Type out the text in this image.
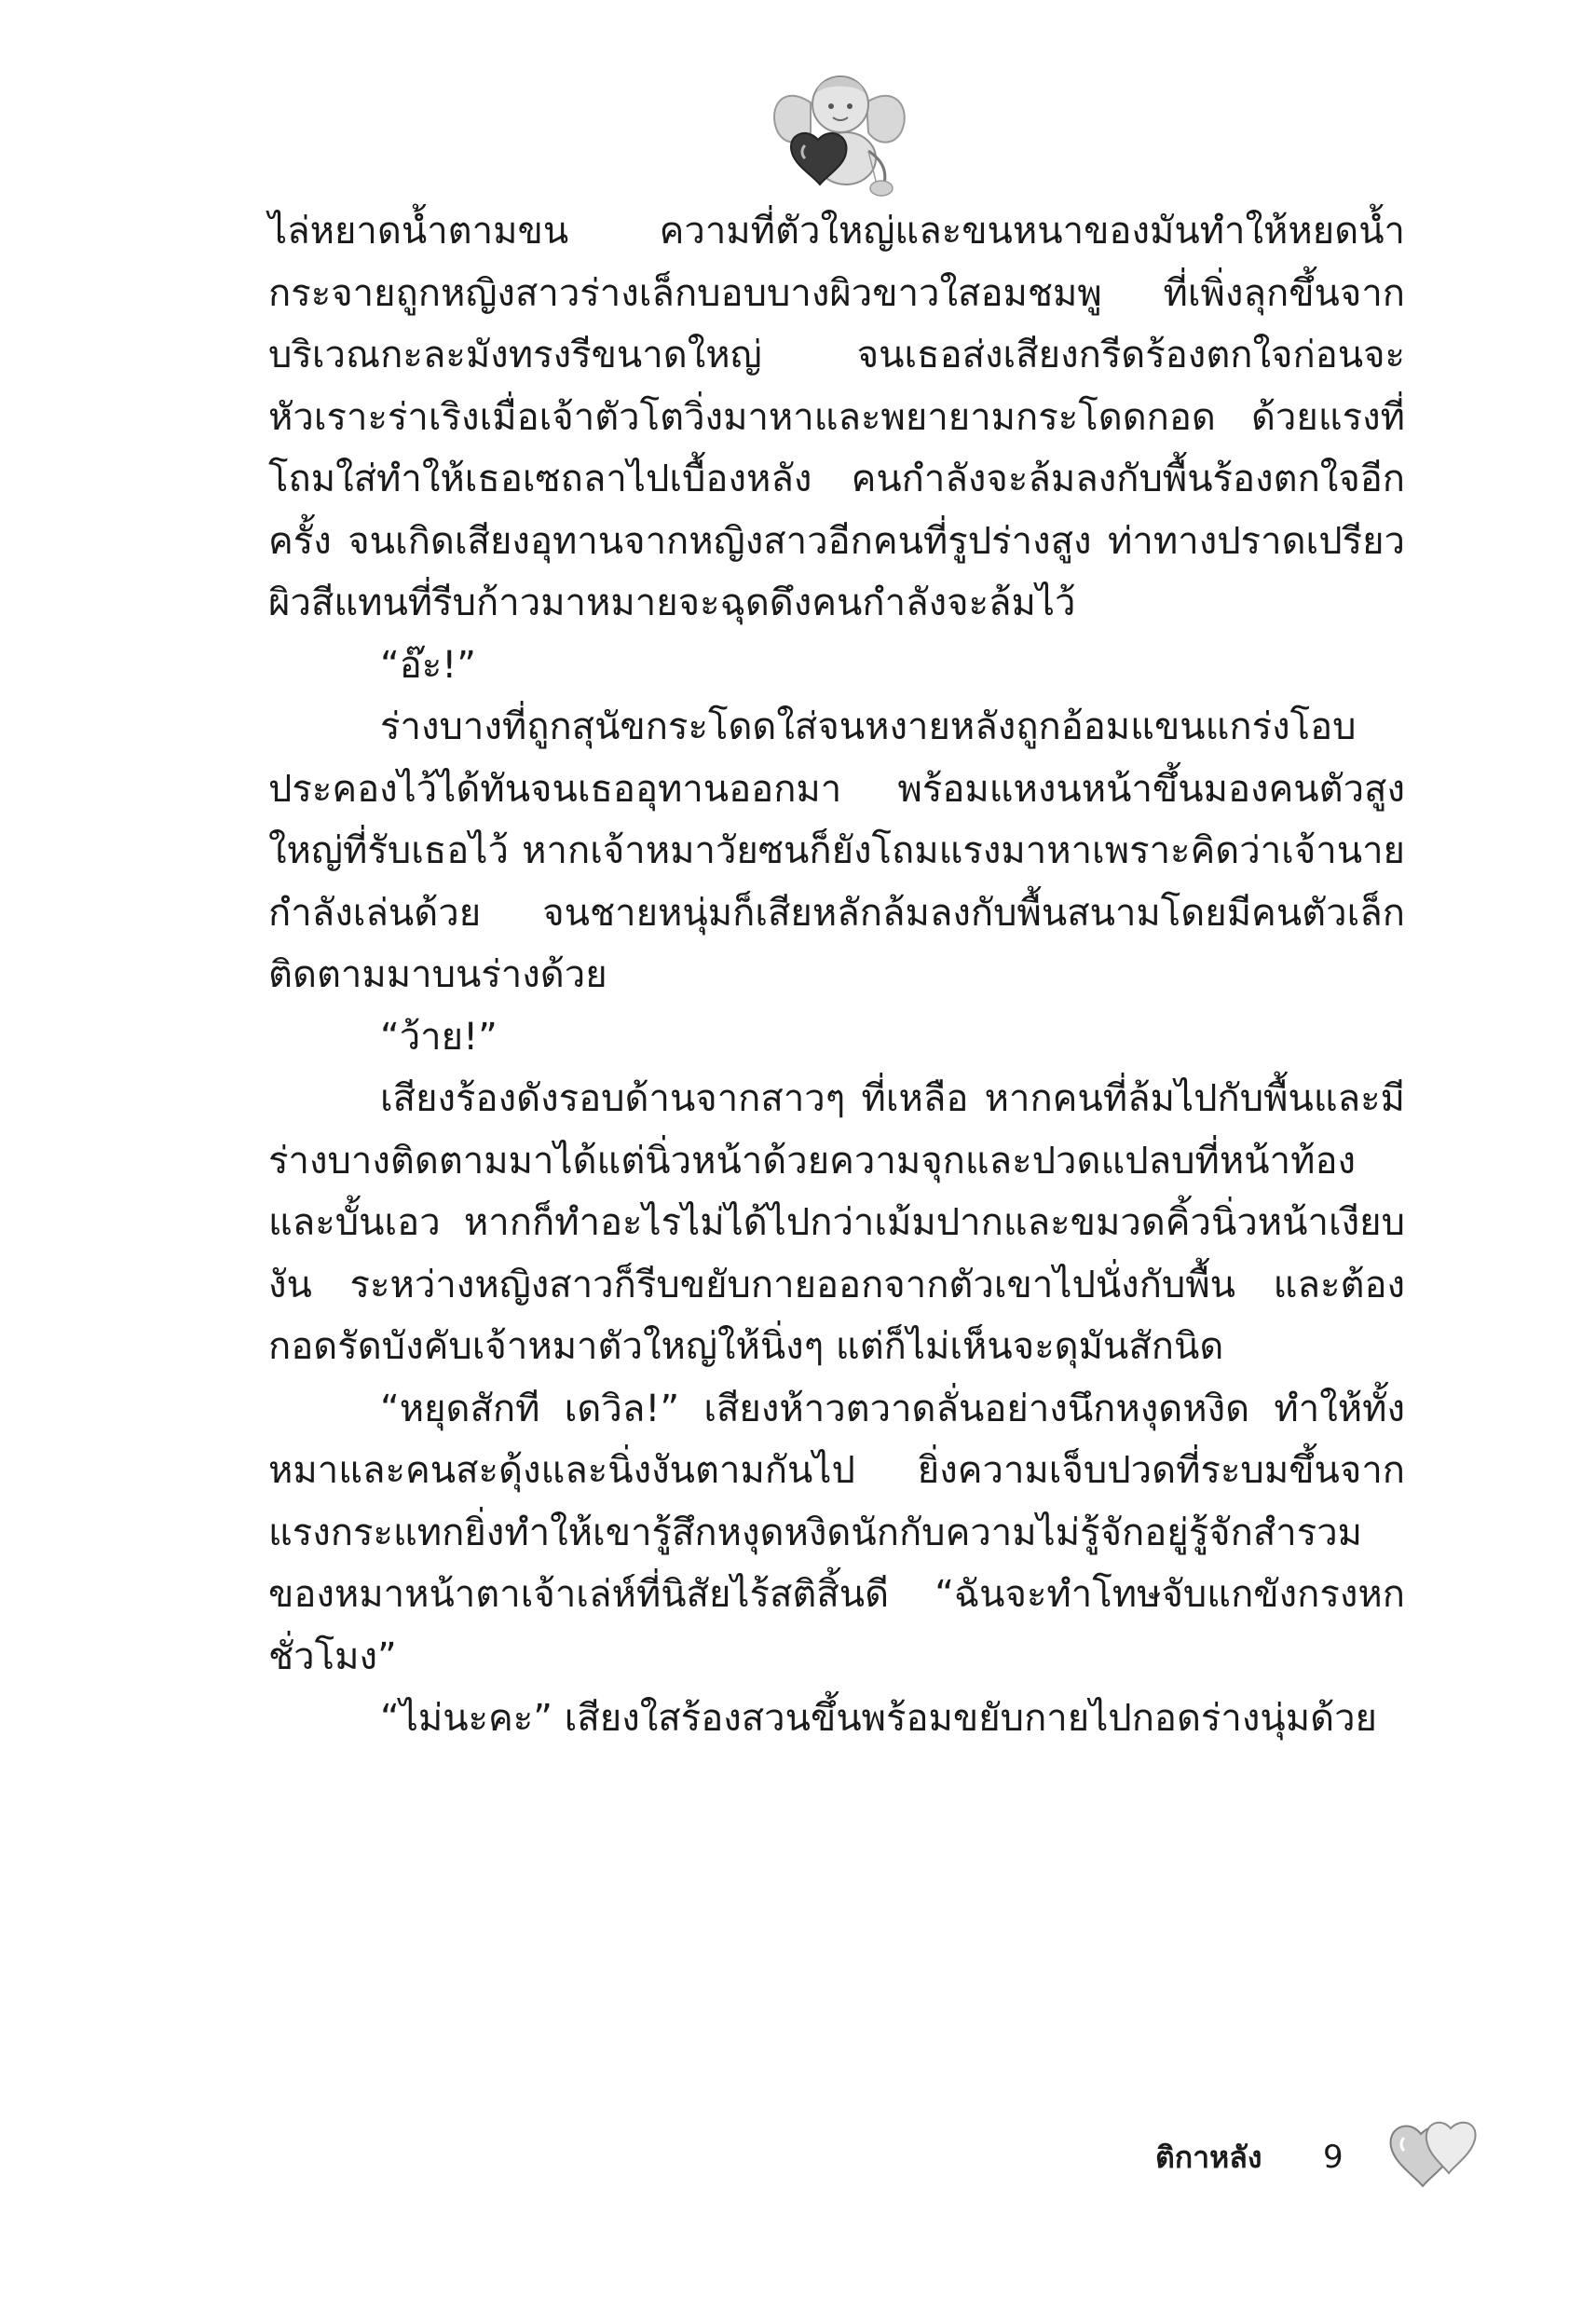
ไล่หยาดน้ำตามขน ความที่ตัวใหญ่และขนหนาของมันทำให้หยดน้ำกระจายถูกหญิงสาวร่างเล็กบอบบางผิวขาวใสอมชมพู ที่เพิ่งลุกขึ้นจากบริเวณกะละมังทรงรีขนาดใหญ่ จนเธอส่งเสียงกรีดร้องตกใจก่อนจะหัวเราะร่าเริงเมื่อเจ้าตัวโตวิ่งมาหาและพยายามกระโดดกอด ด้วยแรงที่โถมใส่ทำให้เธอเซถลาไปเบื้องหลัง คนกำลังจะล้มลงกับพื้นร้องตกใจอีกครั้ง จนเกิดเสียงอุทานจากหญิงสาวอีกคนที่รูปร่างสูง ท่าทางปราดเปรียวผิวสีแทนที่รีบก้าวมาหมายจะฉุดดึงคนกำลังจะล้มไว้

“อ๊ะ!”

ร่างบางที่ถูกสุนัขกระโดดใส่จนหงายหลังถูกอ้อมแขนแกร่งโอบประคองไว้ได้ทันจนเธออุทานออกมา พร้อมแหงนหน้าขึ้นมองคนตัวสูงใหญ่ที่รับเธอไว้ หากเจ้าหมาวัยซนก็ยังโถมแรงมาหาเพราะคิดว่าเจ้านายกำลังเล่นด้วย จนชายหนุ่มก็เสียหลักล้มลงกับพื้นสนามโดยมีคนตัวเล็กติดตามมาบนร่างด้วย

“ว้าย!”

เสียงร้องดังรอบด้านจากสาวๆ ที่เหลือ หากคนที่ล้มไปกับพื้นและมีร่างบางติดตามมาได้แต่นิ่วหน้าด้วยความจุกและปวดแปลบที่หน้าท้องและบั้นเอว หากก็ทำอะไรไม่ได้ไปกว่าเม้มปากและขมวดคิ้วนิ่วหน้าเงียบงัน ระหว่างหญิงสาวก็รีบขยับกายออกจากตัวเขาไปนั่งกับพื้น และต้องกอดรัดบังคับเจ้าหมาตัวใหญ่ให้นิ่งๆ แต่ก็ไม่เห็นจะดุมันสักนิด

“หยุดสักที เดวิล!” เสียงห้าวตวาดลั่นอย่างนึกหงุดหงิด ทำให้ทั้งหมาและคนสะดุ้งและนิ่งงันตามกันไป ยิ่งความเจ็บปวดที่ระบมขึ้นจากแรงกระแทกยิ่งทำให้เขารู้สึกหงุดหงิดนักกับความไม่รู้จักอยู่รู้จักสำรวมของหมาหน้าตาเจ้าเล่ห์ที่นิสัยไร้สติสิ้นดี “ฉันจะทำโทษจับแกขังกรงหกชั่วโมง”

“ไม่นะคะ” เสียงใสร้องสวนขึ้นพร้อมขยับกายไปกอดร่างนุ่มด้วย

ติกาหลัง 9
